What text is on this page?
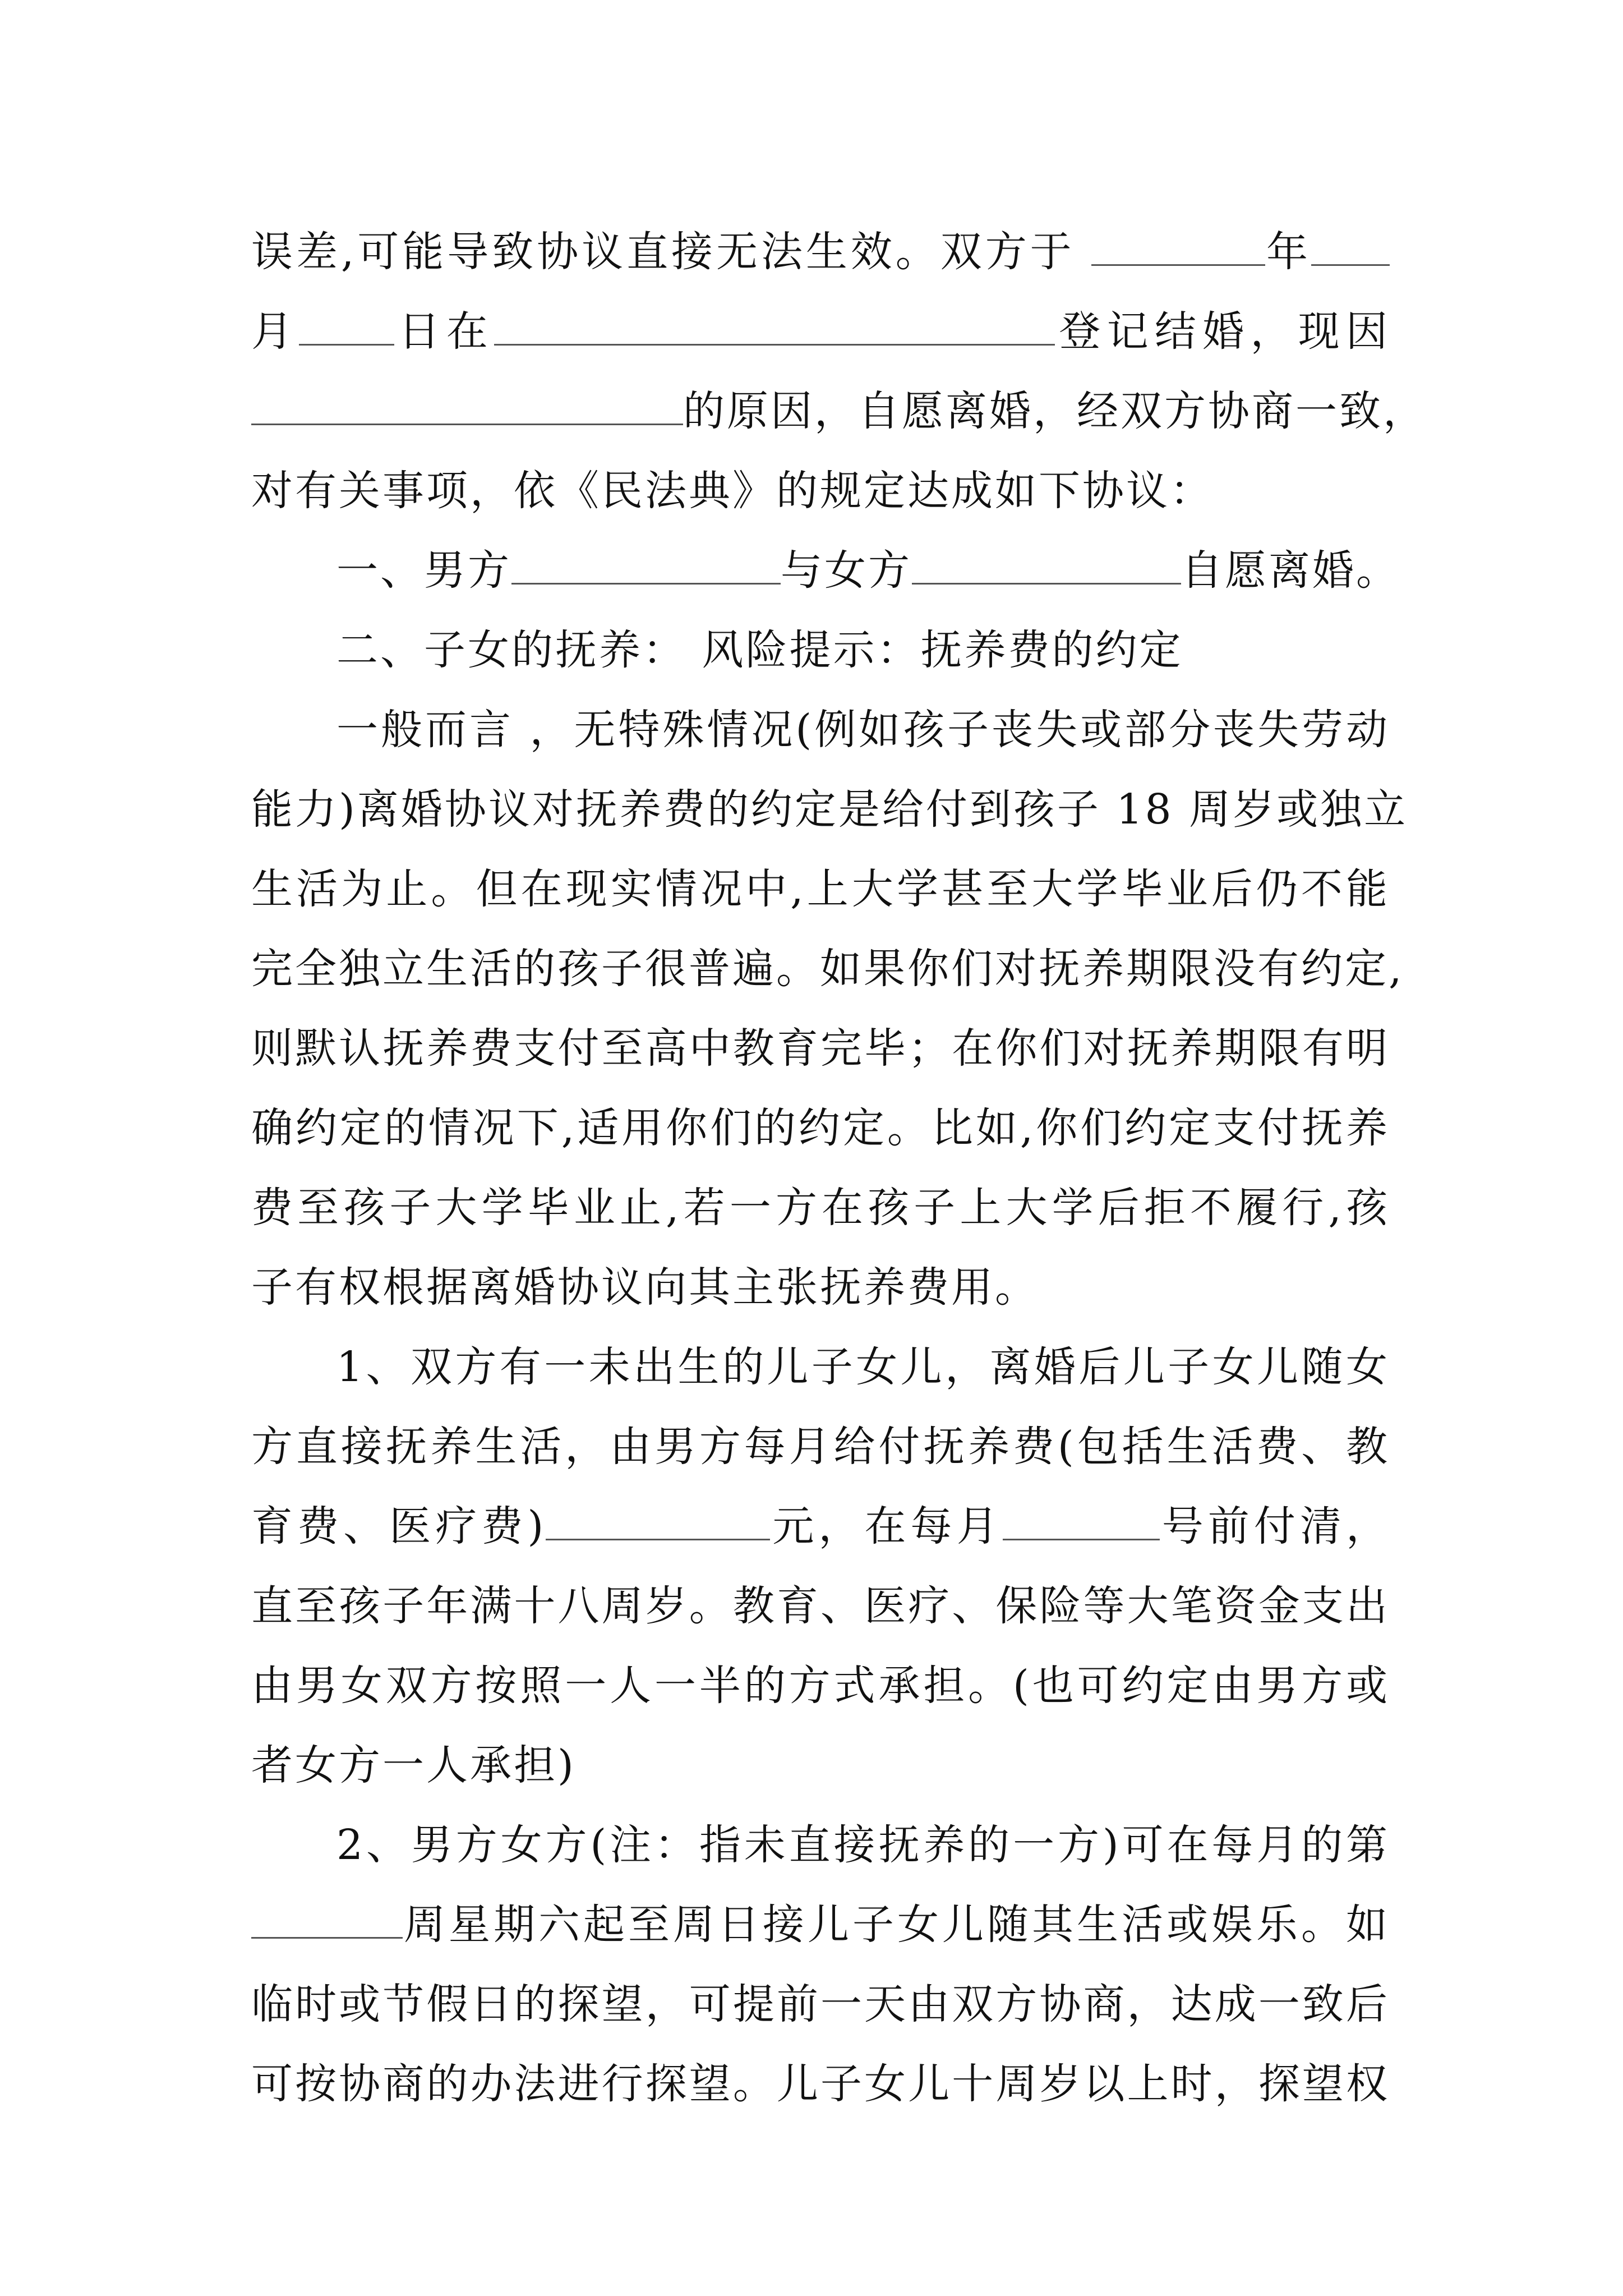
误差,可能导致协议直接无法生效。双方于	年
月 日在	登记结婚，现因
的原因，自愿离婚，经双方协商一致，
对有关事项，依《民法典》的规定达成如下协议：
一、男方	与女方	自愿离婚。
二、子女的抚养： 风险提示：抚养费的约定
一般而言 ，无特殊情况(例如孩子丧失或部分丧失劳动
能力)离婚协议对抚养费的约定是给付到孩子 18 周岁或独立
生活为止。但在现实情况中,上大学甚至大学毕业后仍不能
完全独立生活的孩子很普遍。如果你们对抚养期限没有约定,
则默认抚养费支付至高中教育完毕；在你们对抚养期限有明
确约定的情况下,适用你们的约定。比如,你们约定支付抚养
费至孩子大学毕业止,若一方在孩子上大学后拒不履行,孩
子有权根据离婚协议向其主张抚养费用。
1、双方有一未出生的儿子女儿，离婚后儿子女儿随女
方直接抚养生活，由男方每月给付抚养费(包括生活费、教
育费、医疗费)	元，在每月	号前付清，
直至孩子年满十八周岁。教育、医疗、保险等大笔资金支出
由男女双方按照一人一半的方式承担。(也可约定由男方或
者女方一人承担)
2、男方女方(注：指未直接抚养的一方)可在每月的第
周星期六起至周日接儿子女儿随其生活或娱乐。如
临时或节假日的探望，可提前一天由双方协商，达成一致后
可按协商的办法进行探望。儿子女儿十周岁以上时，探望权
